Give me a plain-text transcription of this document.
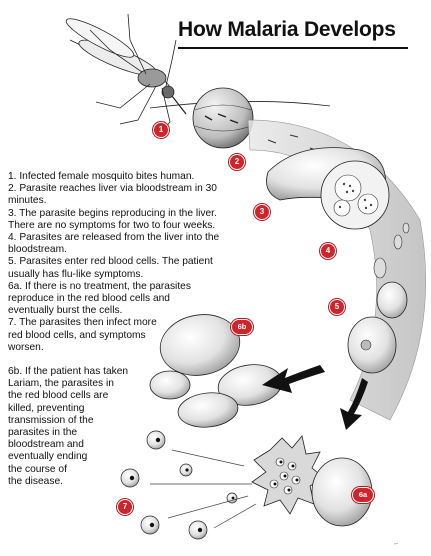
How Malaria Develops
1. Infected female mosquito bites human.
2. Parasite reaches liver via bloodstream in 30
minutes.
3. The parasite begins reproducing in the liver.
There are no symptoms for two to four weeks.
4. Parasites are released from the liver into the
bloodstream.
5. Parasites enter red blood cells. The patient
usually has flu-like symptoms.
6a. If there is no treatment, the parasites
reproduce in the red blood cells and
eventually burst the cells.
7. The parasites then infect more
red blood cells, and symptoms
worsen.
6b. If the patient has taken
Lariam, the parasites in
the red blood cells are
killed, preventing
transmission of the
parasites in the
bloodstream and
eventually ending
the course of
the disease.
1
2
3
4
5
6b
6a
7
~
